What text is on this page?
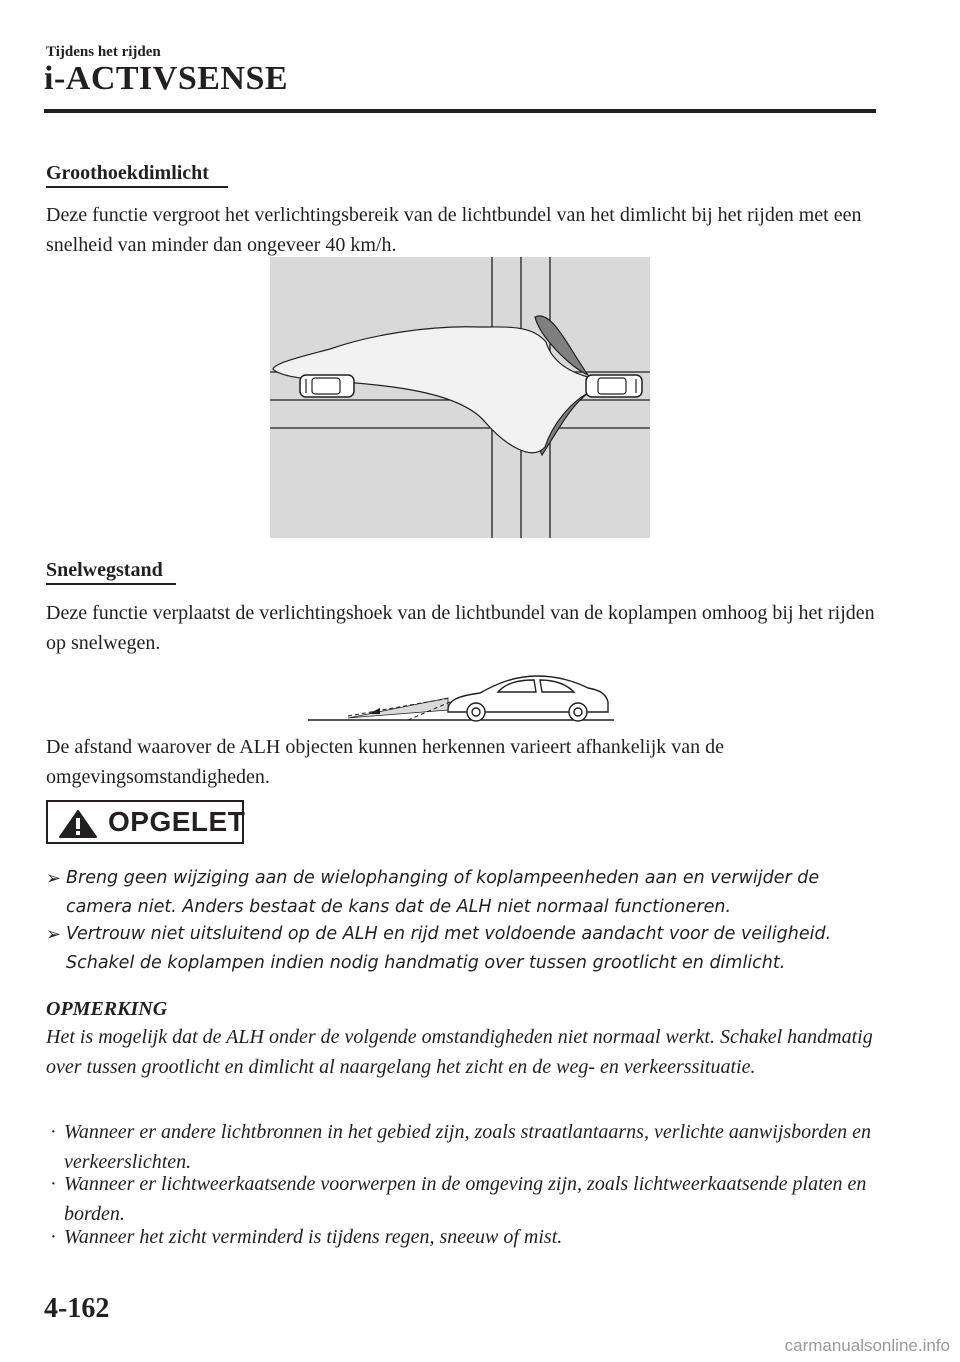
Tijdens het rijden
i-ACTIVSENSE
Groothoekdimlicht
Deze functie vergroot het verlichtingsbereik van de lichtbundel van het dimlicht bij het rijden met een snelheid van minder dan ongeveer 40 km/h.
Snelwegstand
Deze functie verplaatst de verlichtingshoek van de lichtbundel van de koplampen omhoog bij het rijden op snelwegen.
De afstand waarover de ALH objecten kunnen herkennen varieert afhankelijk van de omgevingsomstandigheden.
OPGELET
➢ Breng geen wijziging aan de wielophanging of koplampeenheden aan en verwijder de camera niet. Anders bestaat de kans dat de ALH niet normaal functioneren.
➢ Vertrouw niet uitsluitend op de ALH en rijd met voldoende aandacht voor de veiligheid. Schakel de koplampen indien nodig handmatig over tussen grootlicht en dimlicht.
OPMERKING
Het is mogelijk dat de ALH onder de volgende omstandigheden niet normaal werkt. Schakel handmatig over tussen grootlicht en dimlicht al naargelang het zicht en de weg- en verkeerssituatie.
· Wanneer er andere lichtbronnen in het gebied zijn, zoals straatlantaarns, verlichte aanwijsborden en verkeerslichten.
· Wanneer er lichtweerkaatsende voorwerpen in de omgeving zijn, zoals lichtweerkaatsende platen en borden.
· Wanneer het zicht verminderd is tijdens regen, sneeuw of mist.
4-162
carmanualsonline.info
